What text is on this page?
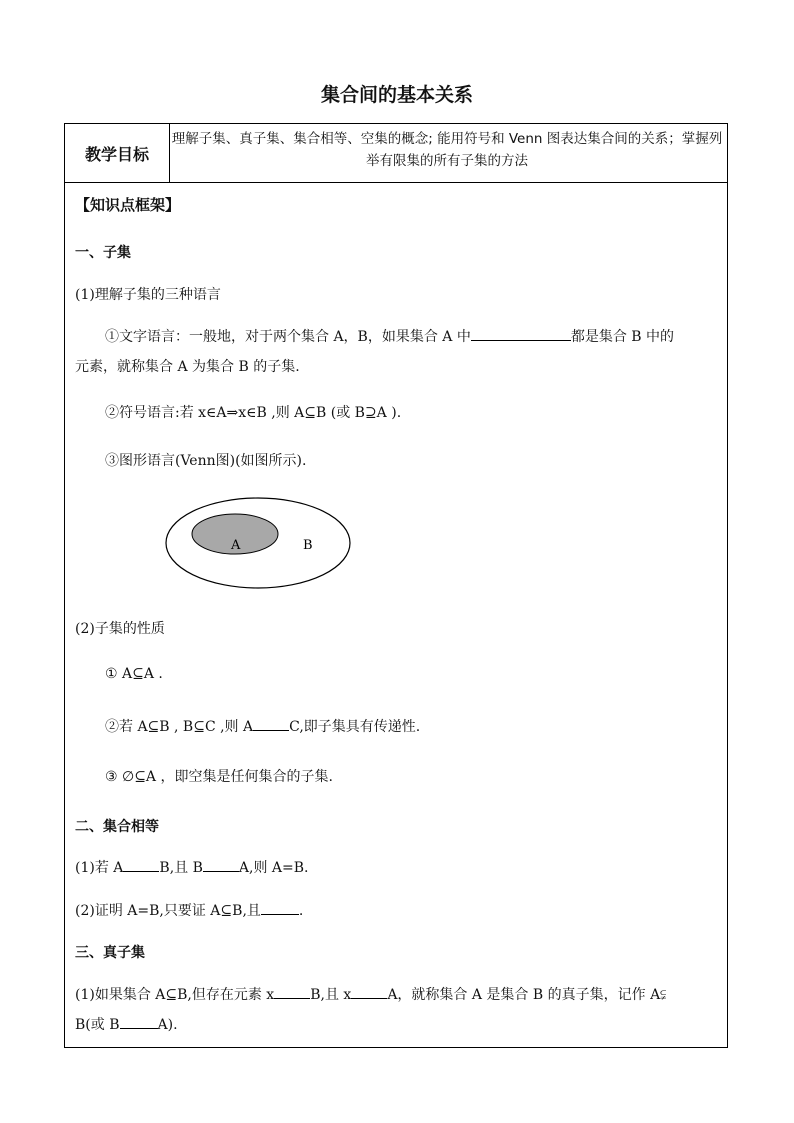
集合间的基本关系
教学目标
理解子集、真子集、集合相等、空集的概念; 能用符号和 Venn 图表达集合间的关系；掌握列举有限集的所有子集的方法
【知识点框架】
一、子集
(1)理解子集的三种语言
①文字语言：一般地，对于两个集合 A，B，如果集合 A 中	都是集合 B 中的
元素，就称集合 A 为集合 B 的子集.
②符号语言:若 x∈A⇒x∈B ,则 A⊆B (或 B⊇A ).
③图形语言(Venn图)(如图所示).
A	B
(2)子集的性质
① A⊆A .
②若 A⊆B , B⊆C ,则 A	C,即子集具有传递性.
③ ∅⊆A ，即空集是任何集合的子集.
二、集合相等
(1)若 A	B,且 B	A,则 A=B.
(2)证明 A=B,只要证 A⊆B,且	.
三、真子集
(1)如果集合 A⊆B,但存在元素 x	B,且 x	A，就称集合 A 是集合 B 的真子集，记作 A⫋
B(或 B	A).
